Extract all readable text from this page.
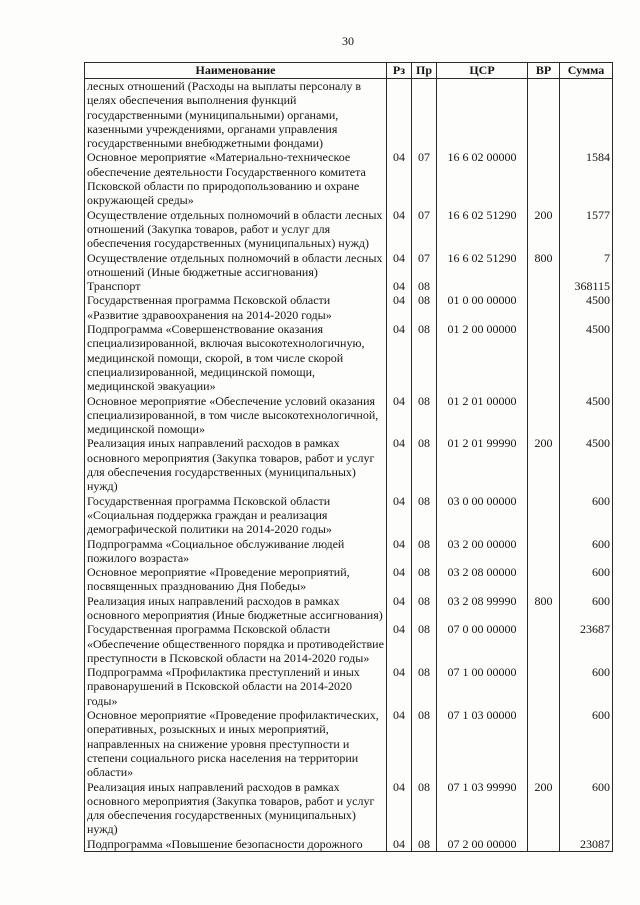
30
Наименование	Рз	Пр	ЦСР	ВР	Сумма
лесных отношений (Расходы на выплаты персоналу в целях обеспечения выполнения функций государственными (муниципальными) органами, казенными учреждениями, органами управления государственными внебюджетными фондами)					
Основное мероприятие «Материально-техническое обеспечение деятельности Государственного комитета Псковской области по природопользованию и охране окружающей среды»	04	07	16 6 02 00000		1584
Осуществление отдельных полномочий в области лесных отношений (Закупка товаров, работ и услуг для обеспечения государственных (муниципальных) нужд)	04	07	16 6 02 51290	200	1577
Осуществление отдельных полномочий в области лесных отношений (Иные бюджетные ассигнования)	04	07	16 6 02 51290	800	7
Транспорт	04	08			368115
Государственная программа Псковской области «Развитие здравоохранения на 2014-2020 годы»	04	08	01 0 00 00000		4500
Подпрограмма «Совершенствование оказания специализированной, включая высокотехнологичную, медицинской помощи, скорой, в том числе скорой специализированной, медицинской помощи, медицинской эвакуации»	04	08	01 2 00 00000		4500
Основное мероприятие «Обеспечение условий оказания специализированной, в том числе высокотехнологичной, медицинской помощи»	04	08	01 2 01 00000		4500
Реализация иных направлений расходов в рамках основного мероприятия (Закупка товаров, работ и услуг для обеспечения государственных (муниципальных) нужд)	04	08	01 2 01 99990	200	4500
Государственная программа Псковской области «Социальная поддержка граждан и реализация демографической политики на 2014-2020 годы»	04	08	03 0 00 00000		600
Подпрограмма «Социальное обслуживание людей пожилого возраста»	04	08	03 2 00 00000		600
Основное мероприятие «Проведение мероприятий, посвященных празднованию Дня Победы»	04	08	03 2 08 00000		600
Реализация иных направлений расходов в рамках основного мероприятия (Иные бюджетные ассигнования)	04	08	03 2 08 99990	800	600
Государственная программа Псковской области «Обеспечение общественного порядка и противодействие преступности в Псковской области на 2014-2020 годы»	04	08	07 0 00 00000		23687
Подпрограмма «Профилактика преступлений и иных правонарушений в Псковской области на 2014-2020 годы»	04	08	07 1 00 00000		600
Основное мероприятие «Проведение профилактических, оперативных, розыскных и иных мероприятий, направленных на снижение уровня преступности и степени социального риска населения на территории области»	04	08	07 1 03 00000		600
Реализация иных направлений расходов в рамках основного мероприятия (Закупка товаров, работ и услуг для обеспечения государственных (муниципальных) нужд)	04	08	07 1 03 99990	200	600
Подпрограмма «Повышение безопасности дорожного	04	08	07 2 00 00000		23087
